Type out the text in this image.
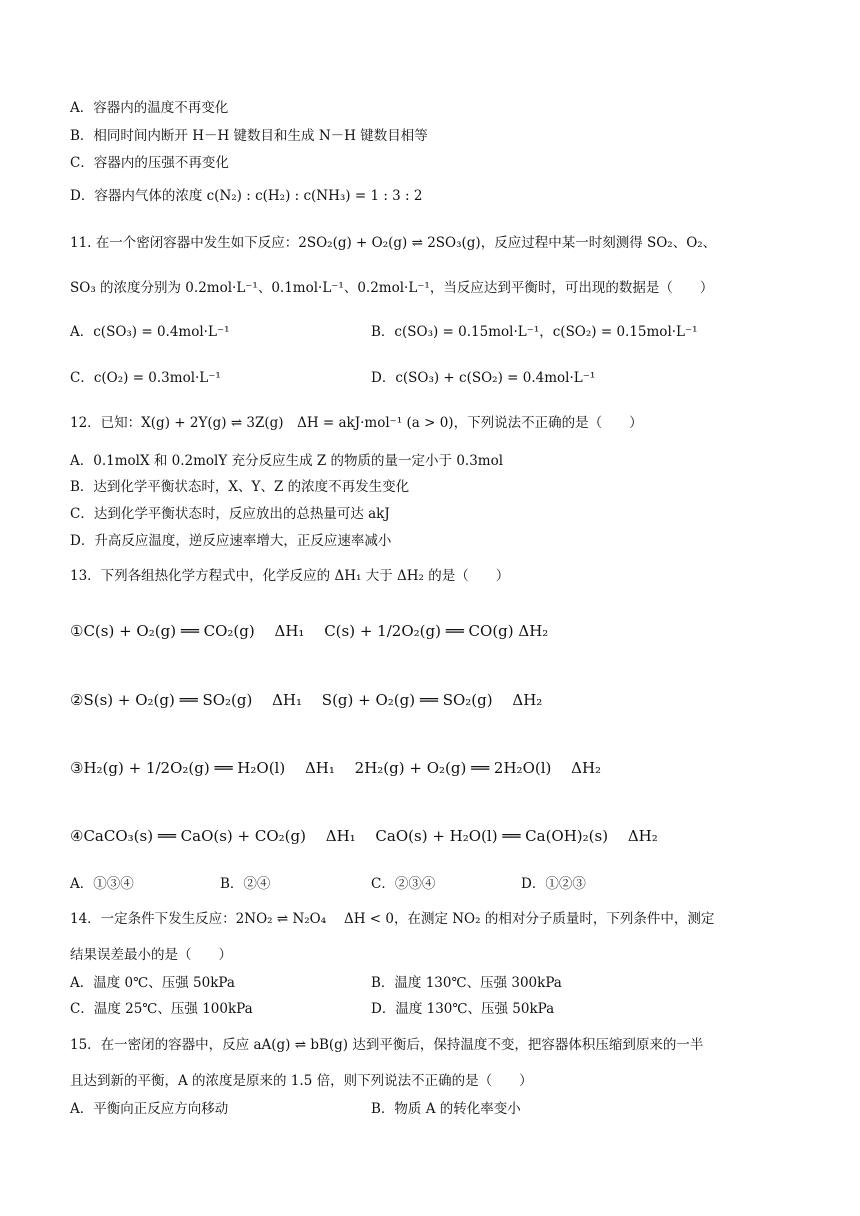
A．容器内的温度不再变化
B．相同时间内断开 H－H 键数目和生成 N－H 键数目相等
C．容器内的压强不再变化
D．容器内气体的浓度 c(N₂) : c(H₂) : c(NH₃) = 1 : 3 : 2
11. 在一个密闭容器中发生如下反应：2SO₂(g) + O₂(g) ⇌ 2SO₃(g)，反应过程中某一时刻测得 SO₂、O₂、
SO₃ 的浓度分别为 0.2mol·L⁻¹、0.1mol·L⁻¹、0.2mol·L⁻¹，当反应达到平衡时，可出现的数据是（　　）
A．c(SO₃) = 0.4mol·L⁻¹	B．c(SO₃) = 0.15mol·L⁻¹，c(SO₂) = 0.15mol·L⁻¹
C．c(O₂) = 0.3mol·L⁻¹	D．c(SO₃) + c(SO₂) = 0.4mol·L⁻¹
12．已知：X(g) + 2Y(g) ⇌ 3Z(g)　ΔH = akJ·mol⁻¹ (a > 0)，下列说法不正确的是（　　）
A．0.1molX 和 0.2molY 充分反应生成 Z 的物质的量一定小于 0.3mol
B．达到化学平衡状态时，X、Y、Z 的浓度不再发生变化
C．达到化学平衡状态时，反应放出的总热量可达 akJ
D．升高反应温度，逆反应速率增大，正反应速率减小
13．下列各组热化学方程式中，化学反应的 ΔH₁ 大于 ΔH₂ 的是（　　）
①C(s) + O₂(g) ══ CO₂(g)　 ΔH₁　 C(s) + 1/2O₂(g) ══ CO(g) ΔH₂
②S(s) + O₂(g) ══ SO₂(g)　 ΔH₁　 S(g) + O₂(g) ══ SO₂(g)　 ΔH₂
③H₂(g) + 1/2O₂(g) ══ H₂O(l)　 ΔH₁　 2H₂(g) + O₂(g) ══ 2H₂O(l)　 ΔH₂
④CaCO₃(s) ══ CaO(s) + CO₂(g)　 ΔH₁　 CaO(s) + H₂O(l) ══ Ca(OH)₂(s)　 ΔH₂
A．①③④	B．②④	C．②③④	D．①②③
14．一定条件下发生反应：2NO₂ ⇌ N₂O₄　 ΔH < 0，在测定 NO₂ 的相对分子质量时，下列条件中，测定
结果误差最小的是（　　）
A．温度 0℃、压强 50kPa	B．温度 130℃、压强 300kPa
C．温度 25℃、压强 100kPa	D．温度 130℃、压强 50kPa
15．在一密闭的容器中，反应 aA(g) ⇌ bB(g) 达到平衡后，保持温度不变，把容器体积压缩到原来的一半
且达到新的平衡，A 的浓度是原来的 1.5 倍，则下列说法不正确的是（　　）
A．平衡向正反应方向移动	B．物质 A 的转化率变小
